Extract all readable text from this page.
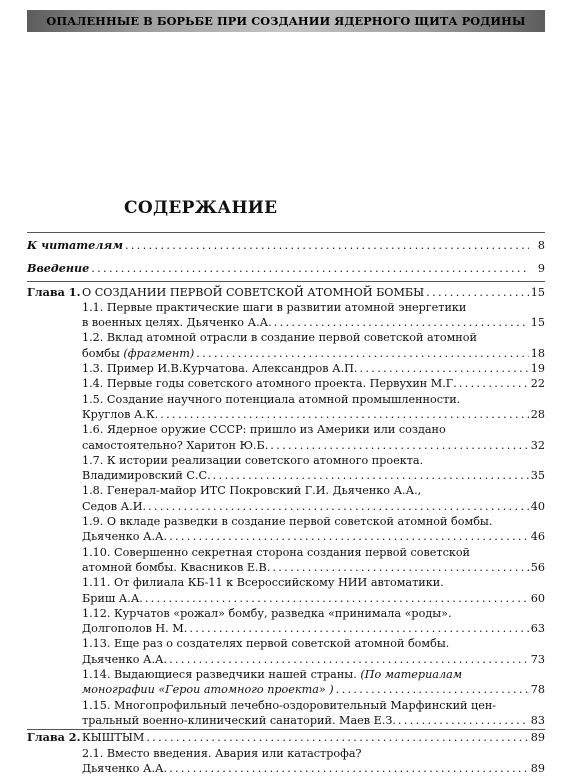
ОПАЛЕННЫЕ В БОРЬБЕ ПРИ СОЗДАНИИ ЯДЕРНОГО ЩИТА РОДИНЫ
СОДЕРЖАНИЕ
К читателям . . .	8
Введение . . .	9
Глава 1. О СОЗДАНИИ ПЕРВОЙ СОВЕТСКОЙ АТОМНОЙ БОМБЫ . . .	15
1.1. Первые практические шаги в развитии атомной энергетики
в военных целях. Дьяченко А.А. . . .	15
1.2. Вклад атомной отрасли в создание первой советской атомной
бомбы (фрагмент) . . .	18
1.3. Пример И.В.Курчатова. Александров А.П. . . .	19
1.4. Первые годы советского атомного проекта. Первухин М.Г. . . .	22
1.5. Создание научного потенциала атомной промышленности.
Круглов А.К. . . .	28
1.6. Ядерное оружие СССР: пришло из Америки или создано
самостоятельно? Харитон Ю.Б. . . .	32
1.7. К истории реализации советского атомного проекта.
Владимировский С.С. . . .	35
1.8. Генерал-майор ИТС Покровский Г.И. Дьяченко А.А.,
Седов А.И. . . .	40
1.9. О вкладе разведки в создание первой советской атомной бомбы.
Дьяченко А.А. . . .	46
1.10. Совершенно секретная сторона создания первой советской
атомной бомбы. Квасников Е.В. . . .	56
1.11. От филиала КБ-11 к Всероссийскому НИИ автоматики.
Бриш А.А. . . .	60
1.12. Курчатов «рожал» бомбу, разведка «принимала «роды».
Долгополов Н. М. . . .	63
1.13. Еще раз о создателях первой советской атомной бомбы.
Дьяченко А.А. . . .	73
1.14. Выдающиеся разведчики нашей страны. (По материалам
монографии «Герои атомного проекта» ) . . .	78
1.15. Многопрофильный лечебно-оздоровительный Марфинский цен-
тральный военно-клинический санаторий. Маев Е.З. . . .	83
Глава 2. КЫШТЫМ . . .	89
2.1. Вместо введения. Авария или катастрофа?
Дьяченко А.А. . . .	89
